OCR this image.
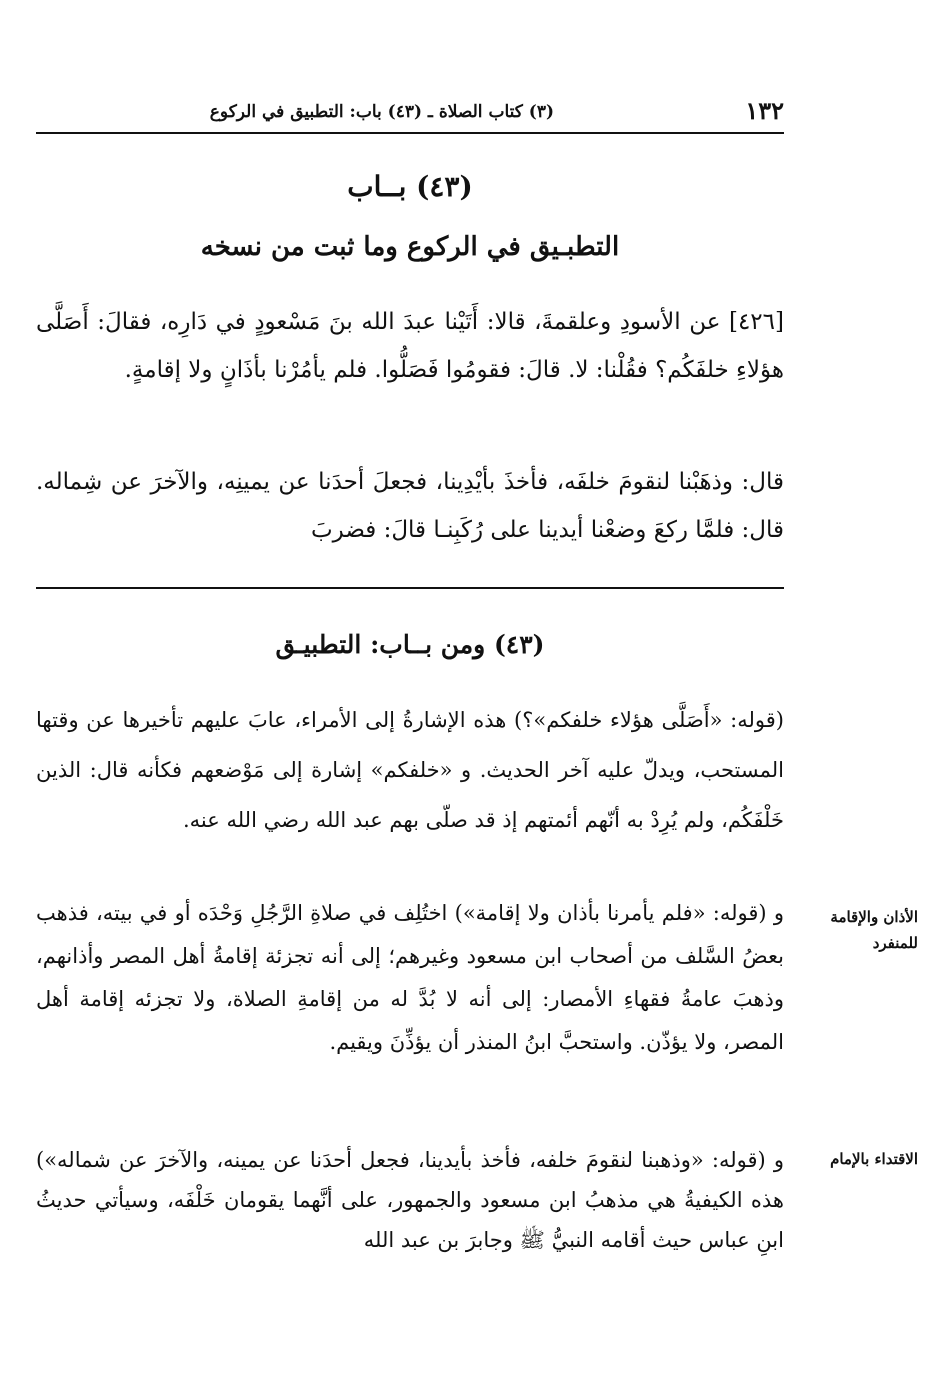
١٣٢
(٣) كتاب الصلاة ـ (٤٣) باب: التطبيق في الركوع
(٤٣) بــاب
التطبـيق في الركوع وما ثبت من نسخه

[٤٢٦] عن الأسودِ وعلقمةَ، قالا: أَتَيْنا عبدَ الله بنَ مَسْعودٍ في دَارِه، فقالَ: أَصَلَّى هؤلاءِ خلفَكُم؟ فقُلْنا: لا. قالَ: فقومُوا فَصَلُّوا. فلم يأمُرْنا بأذَانٍ ولا إقامةٍ.

قال: وذهَبْنا لنقومَ خلفَه، فأخذَ بأيْدِينا، فجعلَ أحدَنا عن يمينِه، والآخرَ عن شِماله. قال: فلمَّا ركعَ وضعْنا أيدينا على رُكَبِنـا قالَ: فضربَ

(٤٣) ومن بــاب: التطبيـق

(قوله: «أَصَلَّى هؤلاء خلفكم»؟) هذه الإشارةُ إلى الأمراء، عابَ عليهم تأخيرها عن وقتها المستحب، ويدلّ عليه آخر الحديث. و «خلفكم» إشارة إلى مَوْضعهم فكأنه قال: الذين خَلْفَكُم، ولم يُرِدْ به أنّهم أئمتهم إذ قد صلّى بهم عبد الله رضي الله عنه.

الأذان والإقامة للمنفرد

و (قوله: «فلم يأمرنا بأذان ولا إقامة») اختُلِف في صلاةِ الرَّجُلِ وَحْدَه أو في بيته، فذهب بعضُ السَّلف من أصحاب ابن مسعود وغيرهم؛ إلى أنه تجزئة إقامةُ أهل المصر وأذانهم، وذهبَ عامةُ فقهاءِ الأمصار: إلى أنه لا بُدَّ له من إقامةِ الصلاة، ولا تجزئه إقامة أهل المصر، ولا يؤذّن. واستحبَّ ابنُ المنذر أن يؤذِّنَ ويقيم.

الاقتداء بالإمام

و (قوله: «وذهبنا لنقومَ خلفه، فأخذ بأيدينا، فجعل أحدَنا عن يمينه، والآخرَ عن شماله») هذه الكيفيةُ هي مذهبُ ابن مسعود والجمهور، على أنَّهما يقومان خَلْفَه، وسيأتي حديثُ ابنِ عباس حيث أقامه النبيُّ ﷺ وجابرَ بن عبد الله
